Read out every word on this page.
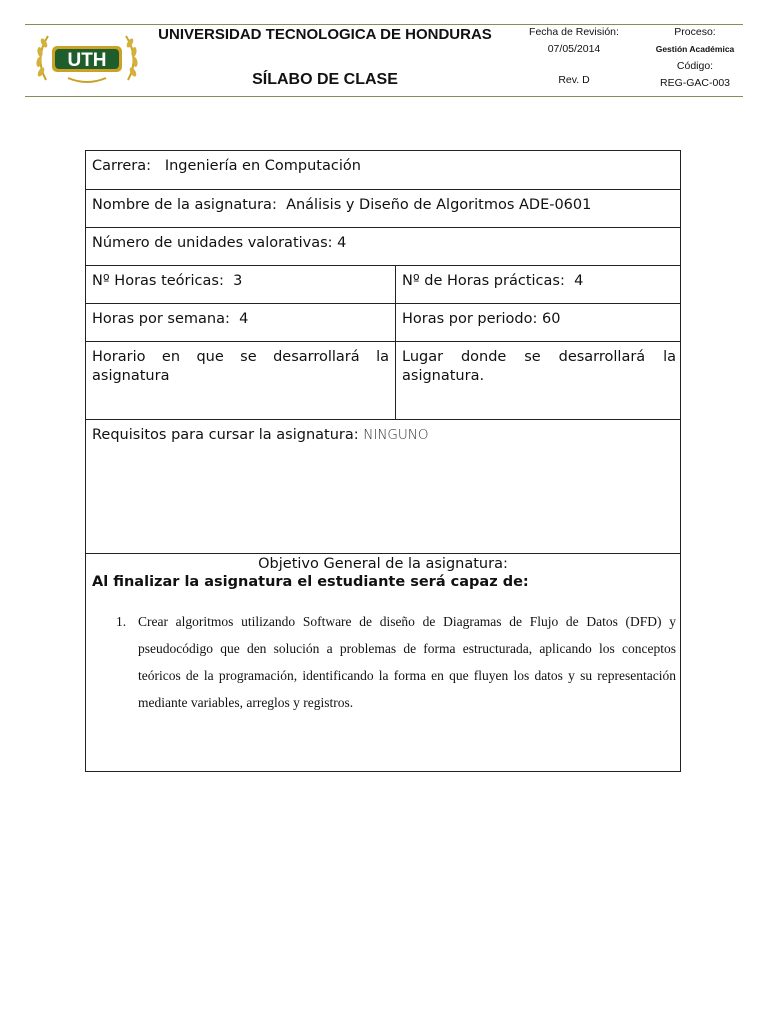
UTH
UNIVERSIDAD TECNOLOGICA DE HONDURAS
SÍLABO DE CLASE
Fecha de Revisión:
07/05/2014
Rev. D
Proceso:
Gestión Académica
Código:
REG-GAC-003
Carrera: Ingeniería en Computación
Nombre de la asignatura: Análisis y Diseño de Algoritmos ADE-0601
Número de unidades valorativas: 4
Nº Horas teóricas: 3	Nº de Horas prácticas: 4
Horas por semana: 4	Horas por periodo: 60
Horario en que se desarrollará la
asignatura
Lugar donde se desarrollará la
asignatura.
Requisitos para cursar la asignatura: NINGUNO
Objetivo General de la asignatura:
Al finalizar la asignatura el estudiante será capaz de:
1. Crear algoritmos utilizando Software de diseño de Diagramas de Flujo de Datos (DFD) y pseudocódigo que den solución a problemas de forma estructurada, aplicando los conceptos teóricos de la programación, identificando la forma en que fluyen los datos y su representación mediante variables, arreglos y registros.
